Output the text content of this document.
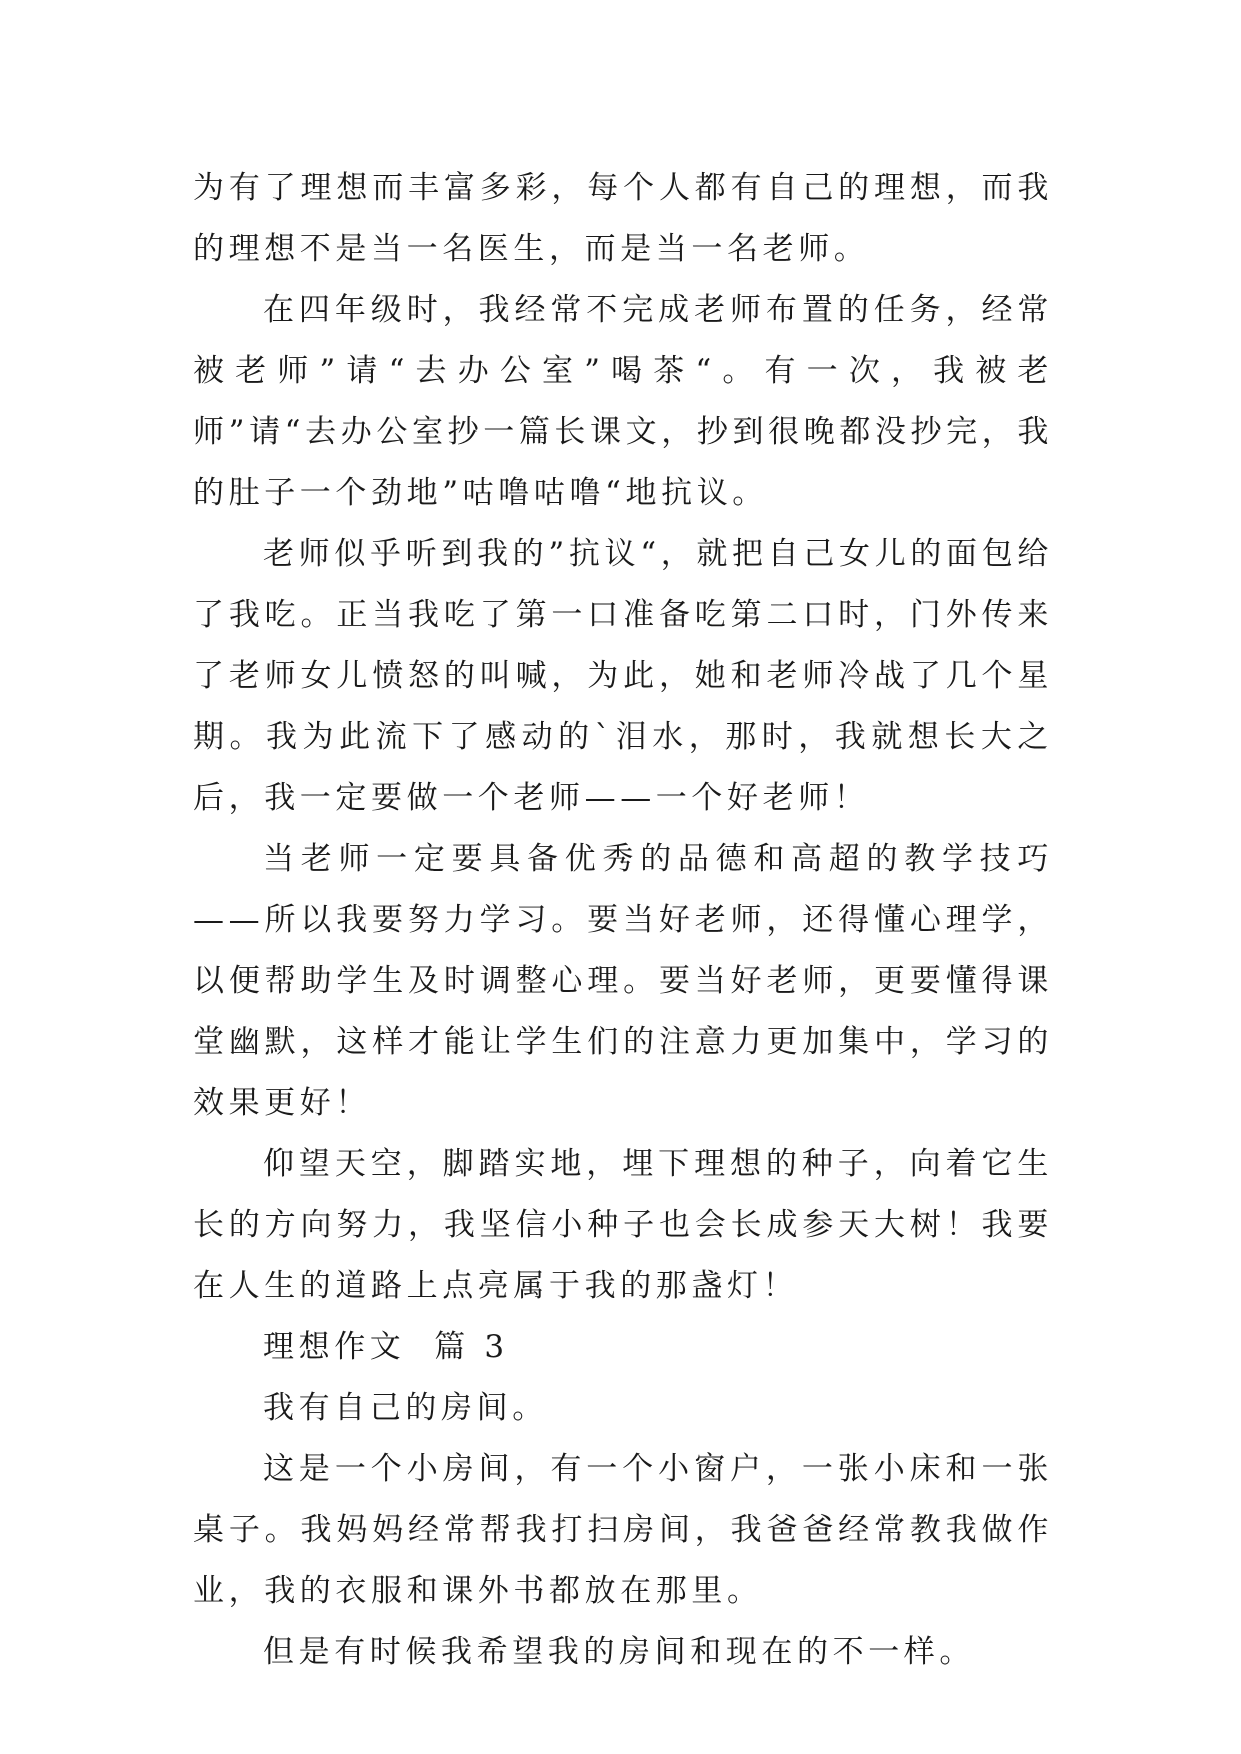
为有了理想而丰富多彩，每个人都有自己的理想，而我的理想不是当一名医生，而是当一名老师。

在四年级时，我经常不完成老师布置的任务，经常被老师”请“去办公室”喝茶“。有一次，我被老师”请“去办公室抄一篇长课文，抄到很晚都没抄完，我的肚子一个劲地”咕噜咕噜“地抗议。

老师似乎听到我的”抗议“，就把自己女儿的面包给了我吃。正当我吃了第一口准备吃第二口时，门外传来了老师女儿愤怒的叫喊，为此，她和老师冷战了几个星期。我为此流下了感动的`泪水，那时，我就想长大之后，我一定要做一个老师——一个好老师！

当老师一定要具备优秀的品德和高超的教学技巧——所以我要努力学习。要当好老师，还得懂心理学，以便帮助学生及时调整心理。要当好老师，更要懂得课堂幽默，这样才能让学生们的注意力更加集中，学习的效果更好！

仰望天空，脚踏实地，埋下理想的种子，向着它生长的方向努力，我坚信小种子也会长成参天大树！我要在人生的道路上点亮属于我的那盏灯！

理想作文  篇 3

我有自己的房间。

这是一个小房间，有一个小窗户，一张小床和一张桌子。我妈妈经常帮我打扫房间，我爸爸经常教我做作业，我的衣服和课外书都放在那里。

但是有时候我希望我的房间和现在的不一样。
